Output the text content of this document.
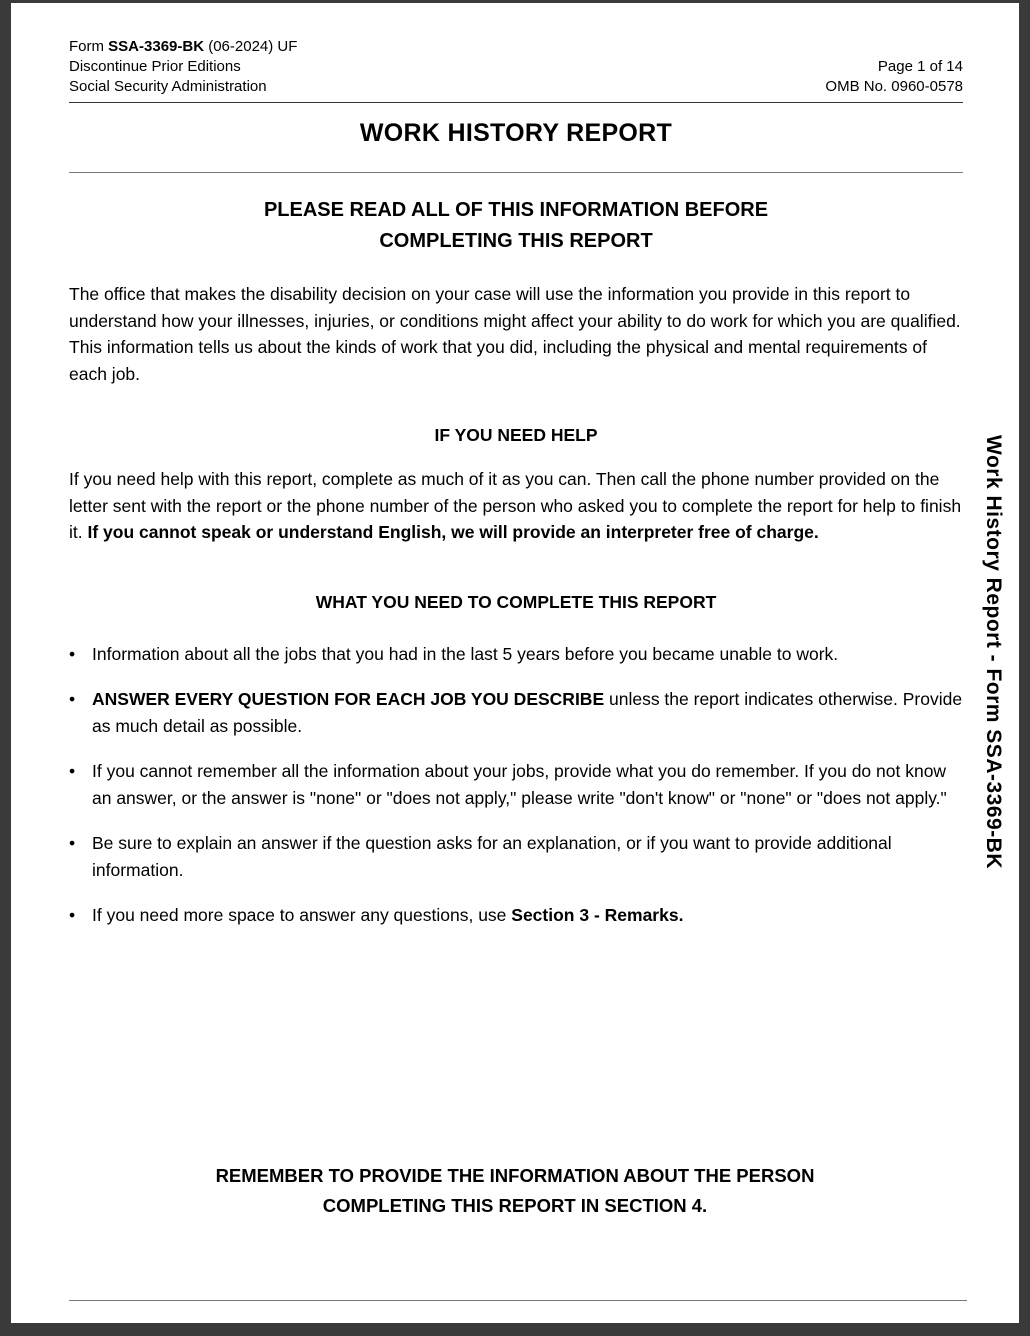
Form SSA-3369-BK (06-2024) UF
Discontinue Prior Editions
Social Security Administration
Page 1 of 14
OMB No. 0960-0578
WORK HISTORY REPORT
PLEASE READ ALL OF THIS INFORMATION BEFORE
COMPLETING THIS REPORT

The office that makes the disability decision on your case will use the information you provide in this report to understand how your illnesses, injuries, or conditions might affect your ability to do work for which you are qualified. This information tells us about the kinds of work that you did, including the physical and mental requirements of each job.

IF YOU NEED HELP

If you need help with this report, complete as much of it as you can. Then call the phone number provided on the letter sent with the report or the phone number of the person who asked you to complete the report for help to finish it. If you cannot speak or understand English, we will provide an interpreter free of charge.

WHAT YOU NEED TO COMPLETE THIS REPORT
• Information about all the jobs that you had in the last 5 years before you became unable to work.
• ANSWER EVERY QUESTION FOR EACH JOB YOU DESCRIBE unless the report indicates otherwise. Provide as much detail as possible.
• If you cannot remember all the information about your jobs, provide what you do remember. If you do not know an answer, or the answer is "none" or "does not apply," please write "don't know" or "none" or "does not apply."
• Be sure to explain an answer if the question asks for an explanation, or if you want to provide additional information.
• If you need more space to answer any questions, use Section 3 - Remarks.
REMEMBER TO PROVIDE THE INFORMATION ABOUT THE PERSON
COMPLETING THIS REPORT IN SECTION 4.
Work History Report - Form SSA-3369-BK
